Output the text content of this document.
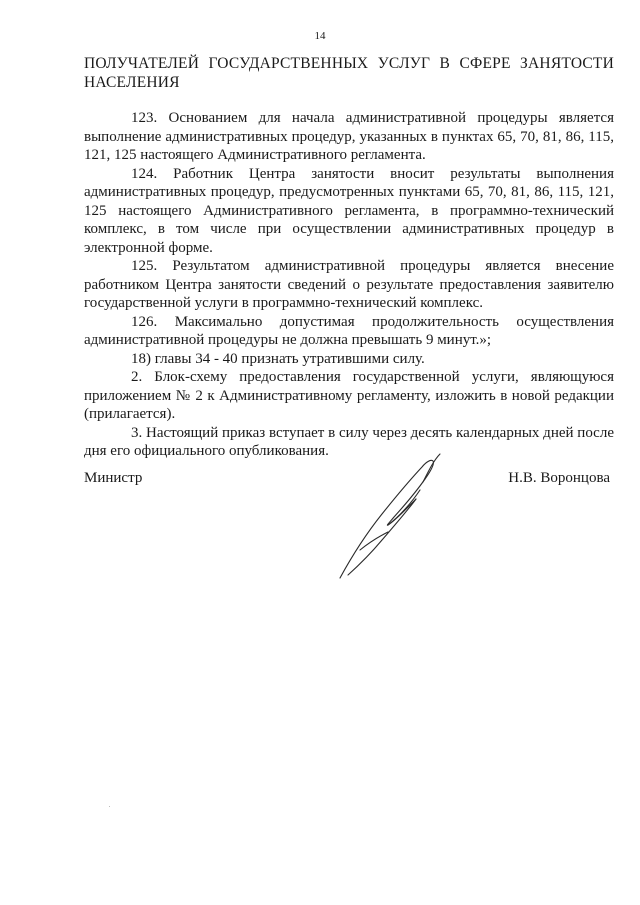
14
ПОЛУЧАТЕЛЕЙ ГОСУДАРСТВЕННЫХ УСЛУГ В СФЕРЕ ЗАНЯТОСТИ
НАСЕЛЕНИЯ

123. Основанием для начала административной процедуры является выполнение административных процедур, указанных в пунктах 65, 70, 81, 86, 115, 121, 125 настоящего Административного регламента.

124. Работник Центра занятости вносит результаты выполнения административных процедур, предусмотренных пунктами 65, 70, 81, 86, 115, 121, 125 настоящего Административного регламента, в программно-технический комплекс, в том числе при осуществлении административных процедур в электронной форме.

125. Результатом административной процедуры является внесение работником Центра занятости сведений о результате предоставления заявителю государственной услуги в программно-технический комплекс.

126. Максимально допустимая продолжительность осуществления административной процедуры не должна превышать 9 минут.»;

18) главы 34 - 40 признать утратившими силу.

2. Блок-схему предоставления государственной услуги, являющуюся приложением № 2 к Административному регламенту, изложить в новой редакции (прилагается).

3. Настоящий приказ вступает в силу через десять календарных дней после дня его официального опубликования.

Министр	Н.В. Воронцова
